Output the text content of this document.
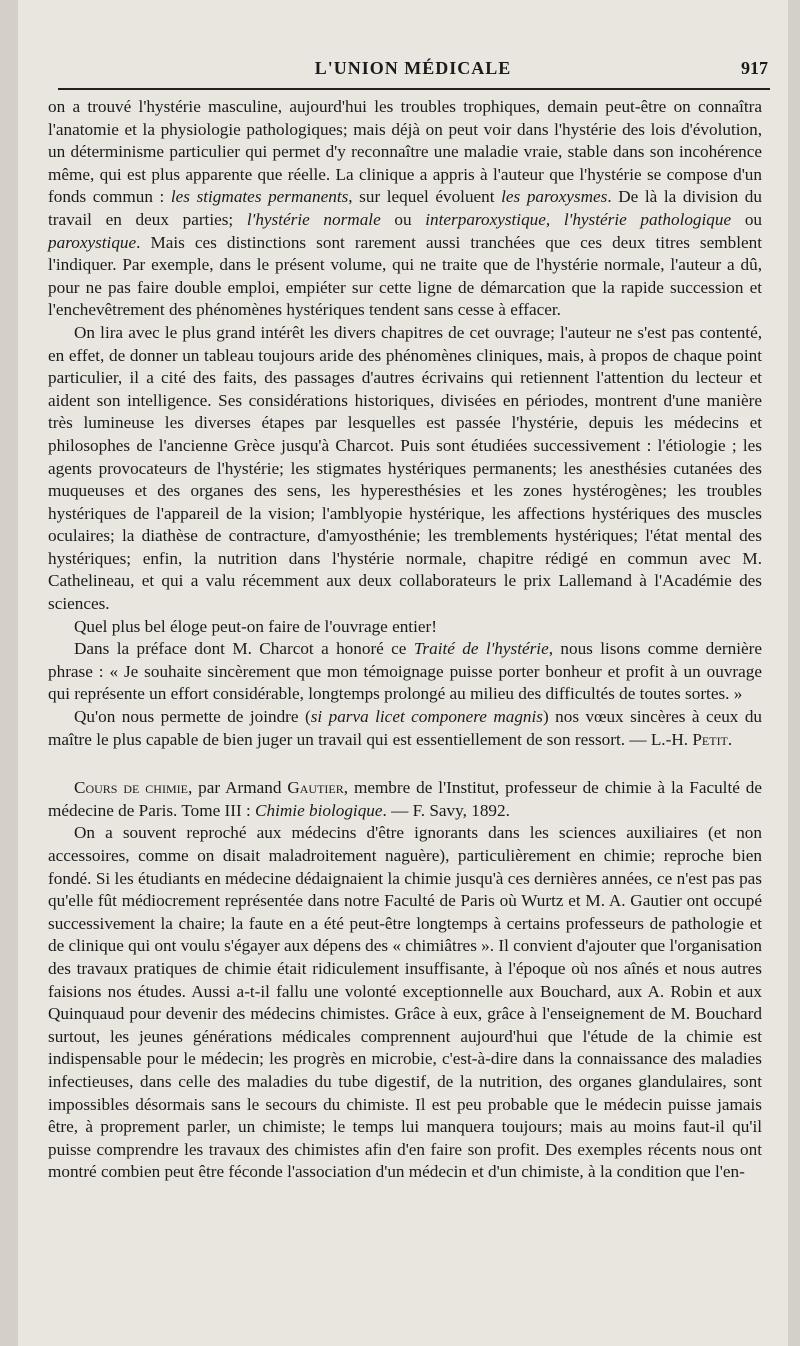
L'UNION MÉDICALE	917

on a trouvé l'hystérie masculine, aujourd'hui les troubles trophiques, demain peut-être on connaîtra l'anatomie et la physiologie pathologiques; mais déjà on peut voir dans l'hystérie des lois d'évolution, un déterminisme particulier qui permet d'y reconnaître une maladie vraie, stable dans son incohérence même, qui est plus apparente que réelle. La clinique a appris à l'auteur que l'hystérie se compose d'un fonds commun : les stigmates permanents, sur lequel évoluent les paroxysmes. De là la division du travail en deux parties; l'hystérie normale ou interparoxystique, l'hystérie pathologique ou paroxystique. Mais ces distinctions sont rarement aussi tranchées que ces deux titres semblent l'indiquer. Par exemple, dans le présent volume, qui ne traite que de l'hystérie normale, l'auteur a dû, pour ne pas faire double emploi, empiéter sur cette ligne de démarcation que la rapide succession et l'enchevêtrement des phénomènes hystériques tendent sans cesse à effacer.

On lira avec le plus grand intérêt les divers chapitres de cet ouvrage; l'auteur ne s'est pas contenté, en effet, de donner un tableau toujours aride des phénomènes cliniques, mais, à propos de chaque point particulier, il a cité des faits, des passages d'autres écrivains qui retiennent l'attention du lecteur et aident son intelligence. Ses considérations historiques, divisées en périodes, montrent d'une manière très lumineuse les diverses étapes par lesquelles est passée l'hystérie, depuis les médecins et philosophes de l'ancienne Grèce jusqu'à Charcot. Puis sont étudiées successivement : l'étiologie ; les agents provocateurs de l'hystérie; les stigmates hystériques permanents; les anesthésies cutanées des muqueuses et des organes des sens, les hyperesthésies et les zones hystérogènes; les troubles hystériques de l'appareil de la vision; l'amblyopie hystérique, les affections hystériques des muscles oculaires; la diathèse de contracture, d'amyosthénie; les tremblements hystériques; l'état mental des hystériques; enfin, la nutrition dans l'hystérie normale, chapitre rédigé en commun avec M. Cathelineau, et qui a valu récemment aux deux collaborateurs le prix Lallemand à l'Académie des sciences.

Quel plus bel éloge peut-on faire de l'ouvrage entier!

Dans la préface dont M. Charcot a honoré ce Traité de l'hystérie, nous lisons comme dernière phrase : « Je souhaite sincèrement que mon témoignage puisse porter bonheur et profit à un ouvrage qui représente un effort considérable, longtemps prolongé au milieu des difficultés de toutes sortes. »

Qu'on nous permette de joindre (si parva licet componere magnis) nos vœux sincères à ceux du maître le plus capable de bien juger un travail qui est essentiellement de son ressort. — L.-H. Petit.

Cours de chimie, par Armand Gautier, membre de l'Institut, professeur de chimie à la Faculté de médecine de Paris. Tome III : Chimie biologique. — F. Savy, 1892.

On a souvent reproché aux médecins d'être ignorants dans les sciences auxiliaires (et non accessoires, comme on disait maladroitement naguère), particulièrement en chimie; reproche bien fondé. Si les étudiants en médecine dédaignaient la chimie jusqu'à ces dernières années, ce n'est pas pas qu'elle fût médiocrement représentée dans notre Faculté de Paris où Wurtz et M. A. Gautier ont occupé successivement la chaire; la faute en a été peut-être longtemps à certains professeurs de pathologie et de clinique qui ont voulu s'égayer aux dépens des « chimiâtres ». Il convient d'ajouter que l'organisation des travaux pratiques de chimie était ridiculement insuffisante, à l'époque où nos aînés et nous autres faisions nos études. Aussi a-t-il fallu une volonté exceptionnelle aux Bouchard, aux A. Robin et aux Quinquaud pour devenir des médecins chimistes. Grâce à eux, grâce à l'enseignement de M. Bouchard surtout, les jeunes générations médicales comprennent aujourd'hui que l'étude de la chimie est indispensable pour le médecin; les progrès en microbie, c'est-à-dire dans la connaissance des maladies infectieuses, dans celle des maladies du tube digestif, de la nutrition, des organes glandulaires, sont impossibles désormais sans le secours du chimiste. Il est peu probable que le médecin puisse jamais être, à proprement parler, un chimiste; le temps lui manquera toujours; mais au moins faut-il qu'il puisse comprendre les travaux des chimistes afin d'en faire son profit. Des exemples récents nous ont montré combien peut être féconde l'association d'un médecin et d'un chimiste, à la condition que l'en-
